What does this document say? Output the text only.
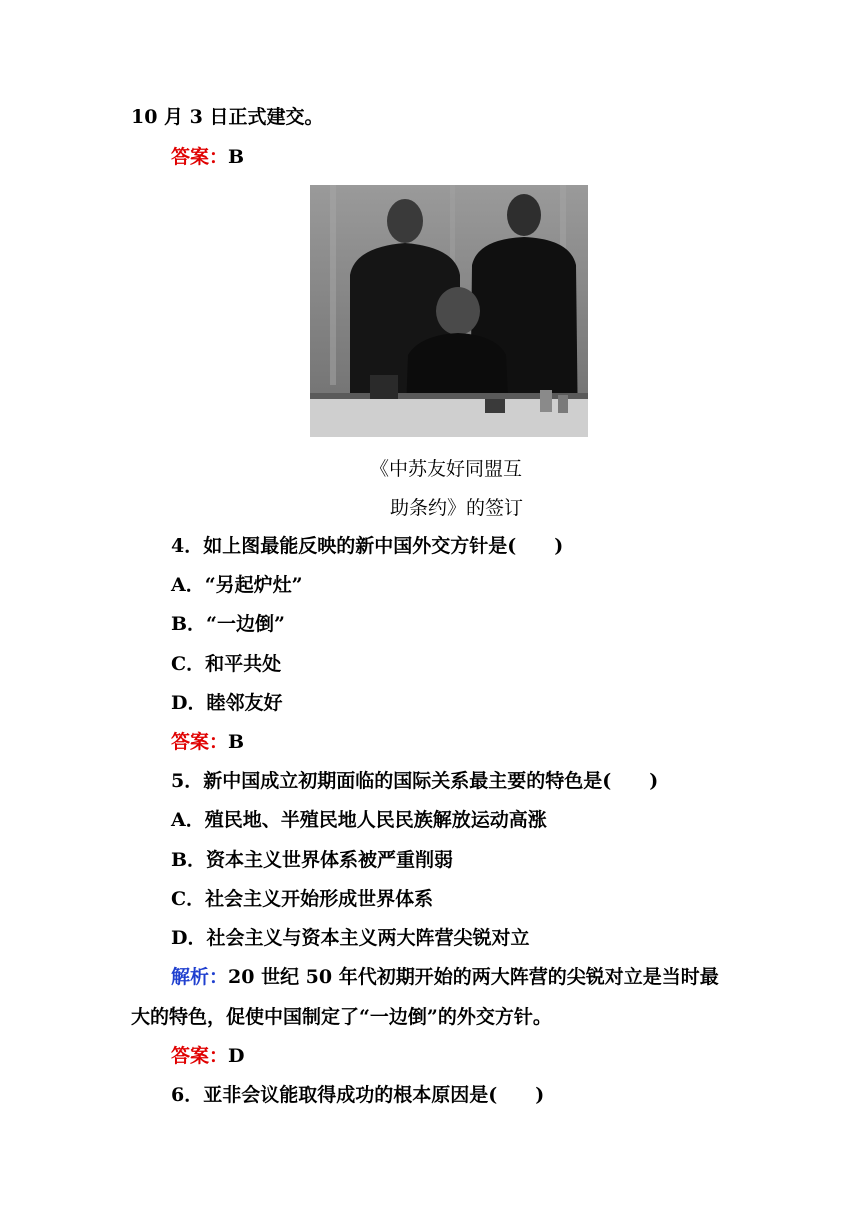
10 月 3 日正式建交。
答案：B
《中苏友好同盟互
助条约》的签订
4．如上图最能反映的新中国外交方针是(　　)
A．“另起炉灶”
B．“一边倒”
C．和平共处
D．睦邻友好
答案：B
5．新中国成立初期面临的国际关系最主要的特色是(　　)
A．殖民地、半殖民地人民民族解放运动高涨
B．资本主义世界体系被严重削弱
C．社会主义开始形成世界体系
D．社会主义与资本主义两大阵营尖锐对立
解析：20 世纪 50 年代初期开始的两大阵营的尖锐对立是当时最
大的特色，促使中国制定了“一边倒”的外交方针。
答案：D
6．亚非会议能取得成功的根本原因是(　　)
